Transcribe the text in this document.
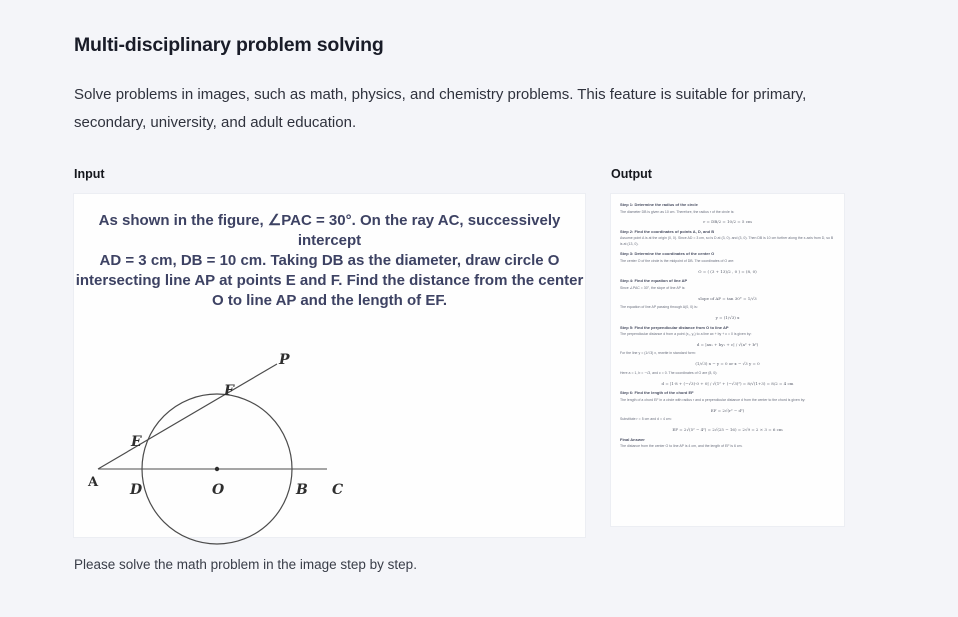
Multi-disciplinary problem solving

Solve problems in images, such as math, physics, and chemistry problems. This feature is suitable for primary, secondary, university, and adult education.

Input
As shown in the figure, ∠PAC = 30°. On the ray AC, successively intercept
AD = 3 cm, DB = 10 cm. Taking DB as the diameter, draw circle O
intersecting line AP at points E and F. Find the distance from the center
O to line AP and the length of EF.
A D	O	B C
E
F
P

Please solve the math problem in the image step by step.

Output
Step 1: Determine the radius of the circle
The diameter DB is given as 10 cm. Therefore, the radius r of the circle is:
r = DB/2 = 10/2 = 5 cm
Step 2: Find the coordinates of points A, D, and B
Assume point A is at the origin (0, 0). Since AD = 3 cm, so is D at (3, 0). and (3, 0). Then DB is 10 cm further along the x-axis from D, so B is at (13, 0).
Step 3: Determine the coordinates of the center O
The center O of the circle is the midpoint of DB. The coordinates of O are:
O = ( (3 + 13)/2 , 0 ) = (8, 0)
Step 4: Find the equation of line AP
Since ∠PAC = 30°, the slope of line AP is:
slope of AP = tan 30° = 1/√3
The equation of line AP passing through A(0, 0) is:
y = (1/√3) x
Step 5: Find the perpendicular distance from O to line AP
The perpendicular distance d from a point (x₁, y₁) to a line ax + by + c = 0 is given by:
d = |ax₁ + by₁ + c| / √(a² + b²)
For the line y = (1/√3) x, rewrite in standard form:
(1/√3) x − y = 0 or x − √3 y = 0
Here a = 1, b = −√3, and c = 0. The coordinates of O are (8, 0):
d = |1·8 + (−√3)·0 + 0| / √(1² + (−√3)²) = 8/√(1+3) = 8/2 = 4 cm
Step 6: Find the length of the chord EF
The length of a chord EF in a circle with radius r and a perpendicular distance d from the center to the chord is given by:
EF = 2√(r² − d²)
Substitute r = 5 cm and d = 4 cm:
EF = 2√(5² − 4²) = 2√(25 − 16) = 2√9 = 2 × 3 = 6 cm
Final Answer
The distance from the center O to line AP is 4 cm, and the length of EF is 6 cm.
